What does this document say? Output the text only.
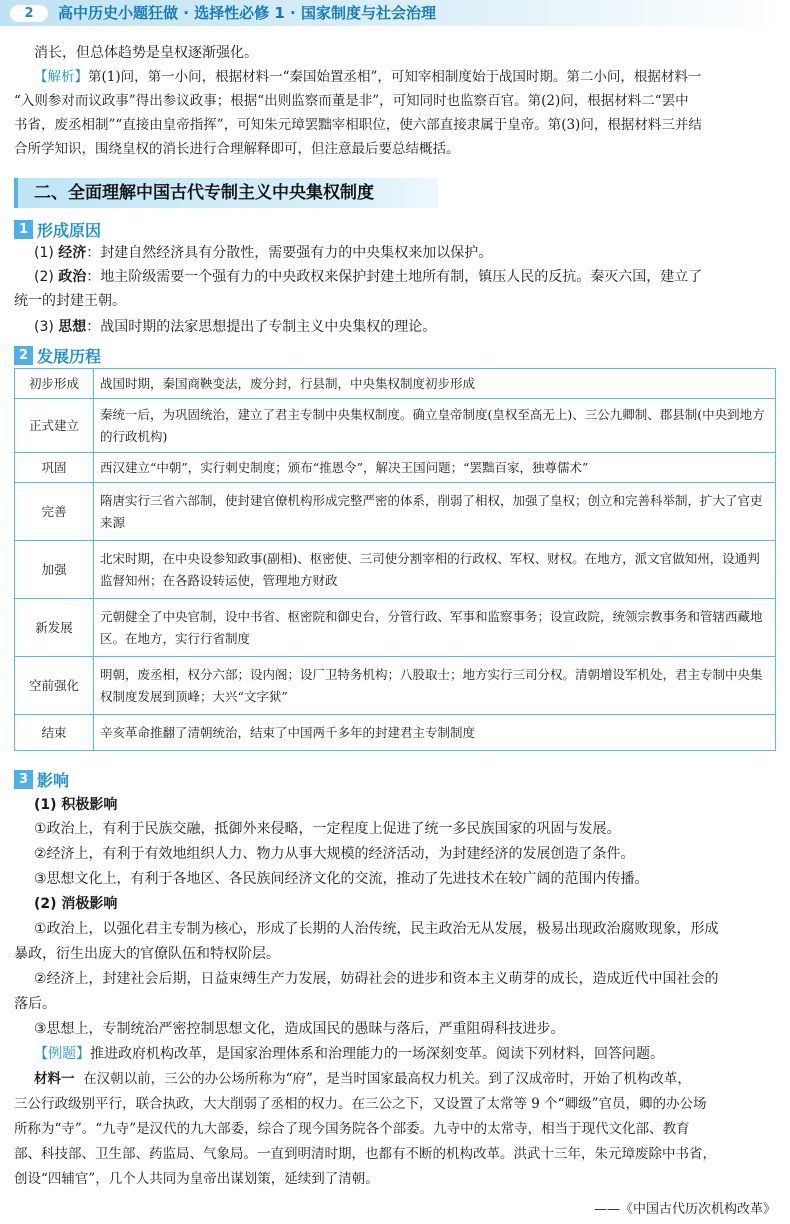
2	高中历史小题狂做 · 选择性必修 1 · 国家制度与社会治理
消长，但总体趋势是皇权逐渐强化。
【解析】第(1)问，第一小问，根据材料一“秦国始置丞相”，可知宰相制度始于战国时期。第二小问，根据材料一
“入则参对而议政事”得出参议政事；根据“出则监察而董是非”，可知同时也监察百官。第(2)问，根据材料二“罢中
书省，废丞相制”“直接由皇帝指挥”，可知朱元璋罢黜宰相职位，使六部直接隶属于皇帝。第(3)问，根据材料三并结
合所学知识，围绕皇权的消长进行合理解释即可，但注意最后要总结概括。
二、全面理解中国古代专制主义中央集权制度
1 形成原因
(1) 经济：封建自然经济具有分散性，需要强有力的中央集权来加以保护。
(2) 政治：地主阶级需要一个强有力的中央政权来保护封建土地所有制，镇压人民的反抗。秦灭六国，建立了
统一的封建王朝。
(3) 思想：战国时期的法家思想提出了专制主义中央集权的理论。
2 发展历程
初步形成	战国时期，秦国商鞅变法，废分封，行县制，中央集权制度初步形成
正式建立	秦统一后，为巩固统治，建立了君主专制中央集权制度。确立皇帝制度(皇权至高无上)、三公九卿制、郡县制(中央到地方的行政机构)
巩固	西汉建立“中朝”，实行刺史制度；颁布“推恩令”，解决王国问题；“罢黜百家，独尊儒术”
完善	隋唐实行三省六部制，使封建官僚机构形成完整严密的体系，削弱了相权，加强了皇权；创立和完善科举制，扩大了官吏来源
加强	北宋时期，在中央设参知政事(副相)、枢密使、三司使分割宰相的行政权、军权、财权。在地方，派文官做知州，设通判监督知州；在各路设转运使，管理地方财政
新发展	元朝健全了中央官制，设中书省、枢密院和御史台，分管行政、军事和监察事务；设宣政院，统领宗教事务和管辖西藏地区。在地方，实行行省制度
空前强化	明朝，废丞相，权分六部；设内阁；设厂卫特务机构；八股取士；地方实行三司分权。清朝增设军机处，君主专制中央集权制度发展到顶峰；大兴“文字狱”
结束	辛亥革命推翻了清朝统治，结束了中国两千多年的封建君主专制制度
3 影响
(1) 积极影响
①政治上，有利于民族交融，抵御外来侵略，一定程度上促进了统一多民族国家的巩固与发展。
②经济上，有利于有效地组织人力、物力从事大规模的经济活动，为封建经济的发展创造了条件。
③思想文化上，有利于各地区、各民族间经济文化的交流，推动了先进技术在较广阔的范围内传播。
(2) 消极影响
①政治上，以强化君主专制为核心，形成了长期的人治传统，民主政治无从发展，极易出现政治腐败现象，形成
暴政，衍生出庞大的官僚队伍和特权阶层。
②经济上，封建社会后期，日益束缚生产力发展，妨碍社会的进步和资本主义萌芽的成长，造成近代中国社会的
落后。
③思想上，专制统治严密控制思想文化，造成国民的愚昧与落后，严重阻碍科技进步。
【例题】推进政府机构改革，是国家治理体系和治理能力的一场深刻变革。阅读下列材料，回答问题。
材料一 在汉朝以前，三公的办公场所称为“府”，是当时国家最高权力机关。到了汉成帝时，开始了机构改革，
三公行政级别平行，联合执政，大大削弱了丞相的权力。在三公之下，又设置了太常等 9 个“卿级”官员，卿的办公场
所称为“寺”。“九寺”是汉代的九大部委，综合了现今国务院各个部委。九寺中的太常寺，相当于现代文化部、教育
部、科技部、卫生部、药监局、气象局。一直到明清时期，也都有不断的机构改革。洪武十三年，朱元璋废除中书省，
创设“四辅官”，几个人共同为皇帝出谋划策，延续到了清朝。
——《中国古代历次机构改革》
